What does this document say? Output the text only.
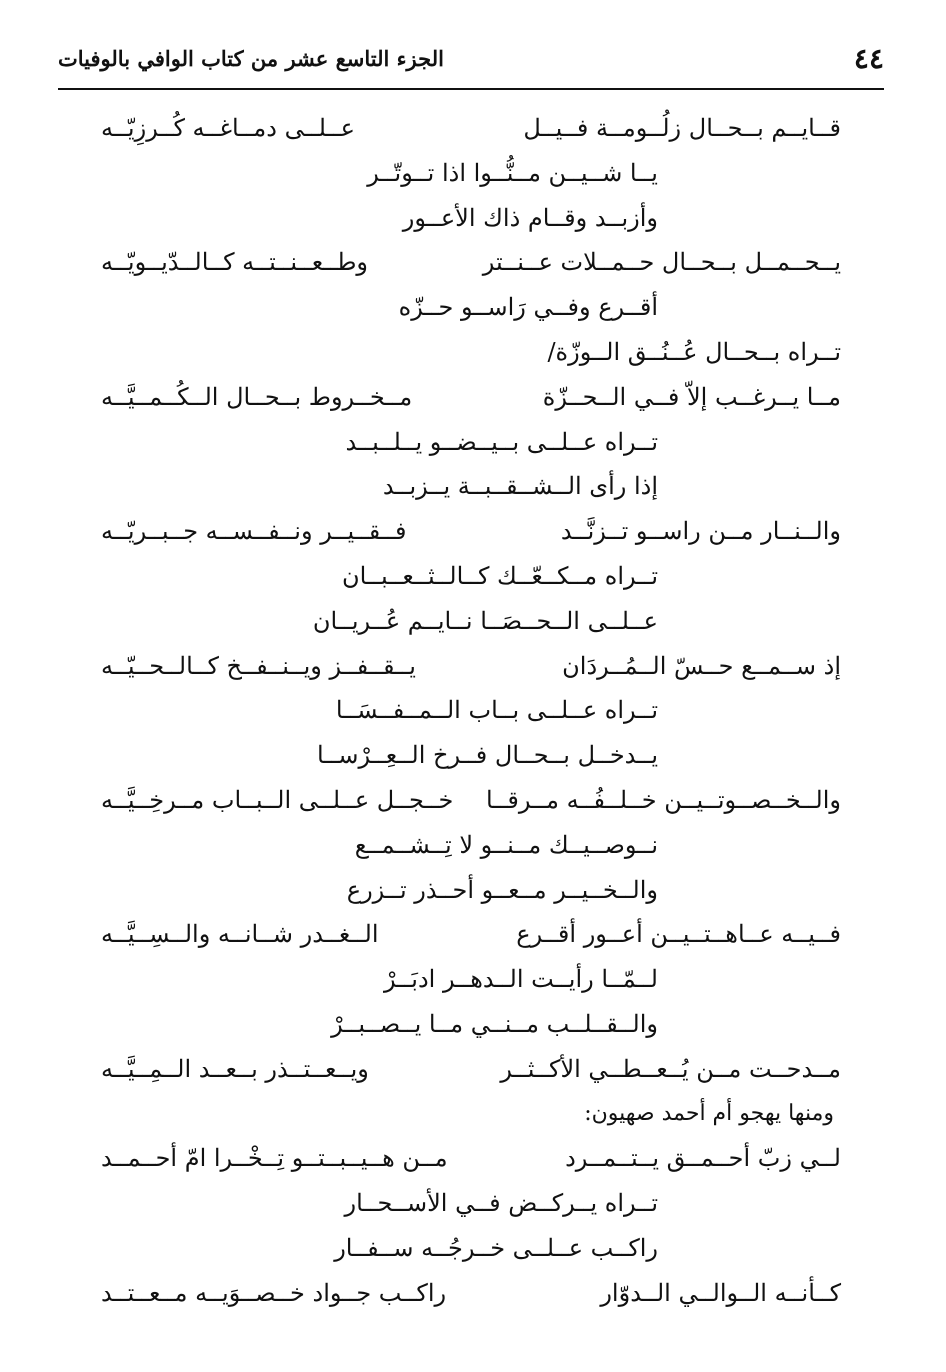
٤٤
الجزء التاسع عشر من كتاب الوافي بالوفيات
قــايــم بــحــال زلُــومــة فــيــل
عــلــى دمــاغــه كُــرزِيّــه
يــا شــيــن مــنُّــوا اذا تــوتّــر
وأزبــد وقــام ذاك الأعــور
يــحــمــل بــحــال حــمــلات عــنــتر
وطــعــنــتــه كــالــدّيــويّــه
أقــرع وفــي رَاســو حــزّه
تــراه بــحــال عُــنُــق الــوزّة/
مــا يــرغــب إلاّ فــي الــحــزّة
مــخــروط بــحــال الــكُــمــيَّــه
تــراه عــلــى بــيــضــو يــلــبــد
إذا رأى الــشــقــبــة يــزبــد
والــنــار مــن راســو تــزنَّــد
فــقــيــر ونــفــســه جــبــريّــه
تــراه مــكــعّــك كــالــثــعــبــان
عــلــى الــحــصَــا نــايــم عُــريــان
إذ ســمــع حــسّ الــمُــردَان
يــقــفــز ويــنــفــخ كــالــحــيّــه
تــراه عــلــى بــاب الــمــفــسَــا
يــدخــل بــحــال فــرخ الــعِــرْســا
والــخــصــوتــيــن خــلــفُــه مــرقــا
خــجــل عــلــى الــبــاب مــرخِــيَّــه
نــوصــيــك مــنــو لا تِــشــمــع
والــخــيــر مــعــو أحــذر تــزرع
فــيــه عــاهــتــيــن أعــور أقــرع
الــغــدر شــانــه والــسِــيَّــه
لــمّــا رأيــت الــدهــر ادبَــرْ
والــقــلــب مــنــي مــا يــصــبــرْ
مــدحــت مــن يُــعــطــي الأكــثــر
ويــعــتــذر بــعــد الــمِــيَّــه
ومنها يهجو أم أحمد صهيون:
لــي زبّ أحــمــق يــتــمــرد
مــن هــيــبــتــو تِــخْــرا امّ أحــمــد
تــراه يــركــض فــي الأســحــار
راكــب عــلــى خــرجُــه ســفــار
كــأنــه الــوالــي الــدوّار
راكــب جــواد خــصــوَيــه مــعــتــد
